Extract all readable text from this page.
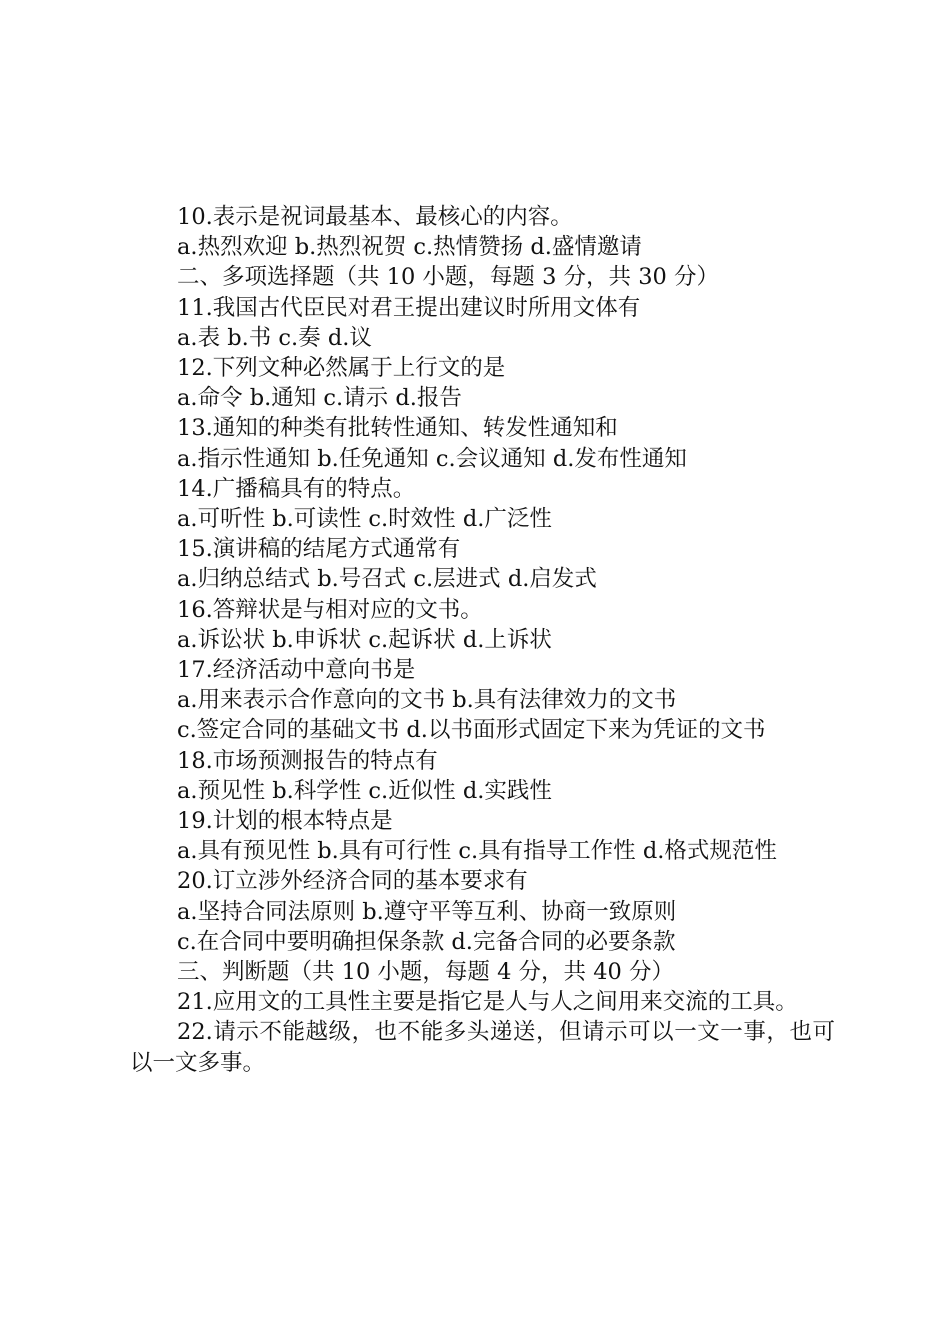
10.表示是祝词最基本、最核心的内容。

a.热烈欢迎 b.热烈祝贺 c.热情赞扬 d.盛情邀请

二、多项选择题（共 10 小题，每题 3 分，共 30 分）

11.我国古代臣民对君王提出建议时所用文体有

a.表 b.书 c.奏 d.议

12.下列文种必然属于上行文的是

a.命令 b.通知 c.请示 d.报告

13.通知的种类有批转性通知、转发性通知和

a.指示性通知 b.任免通知 c.会议通知 d.发布性通知

14.广播稿具有的特点。

a.可听性 b.可读性 c.时效性 d.广泛性

15.演讲稿的结尾方式通常有

a.归纳总结式 b.号召式 c.层进式 d.启发式

16.答辩状是与相对应的文书。

a.诉讼状 b.申诉状 c.起诉状 d.上诉状

17.经济活动中意向书是

a.用来表示合作意向的文书 b.具有法律效力的文书

c.签定合同的基础文书 d.以书面形式固定下来为凭证的文书

18.市场预测报告的特点有

a.预见性 b.科学性 c.近似性 d.实践性

19.计划的根本特点是

a.具有预见性 b.具有可行性 c.具有指导工作性 d.格式规范性

20.订立涉外经济合同的基本要求有

a.坚持合同法原则 b.遵守平等互利、协商一致原则

c.在合同中要明确担保条款 d.完备合同的必要条款

三、判断题（共 10 小题，每题 4 分，共 40 分）

21.应用文的工具性主要是指它是人与人之间用来交流的工具。

22.请示不能越级，也不能多头递送，但请示可以一文一事，也可以一文多事。
